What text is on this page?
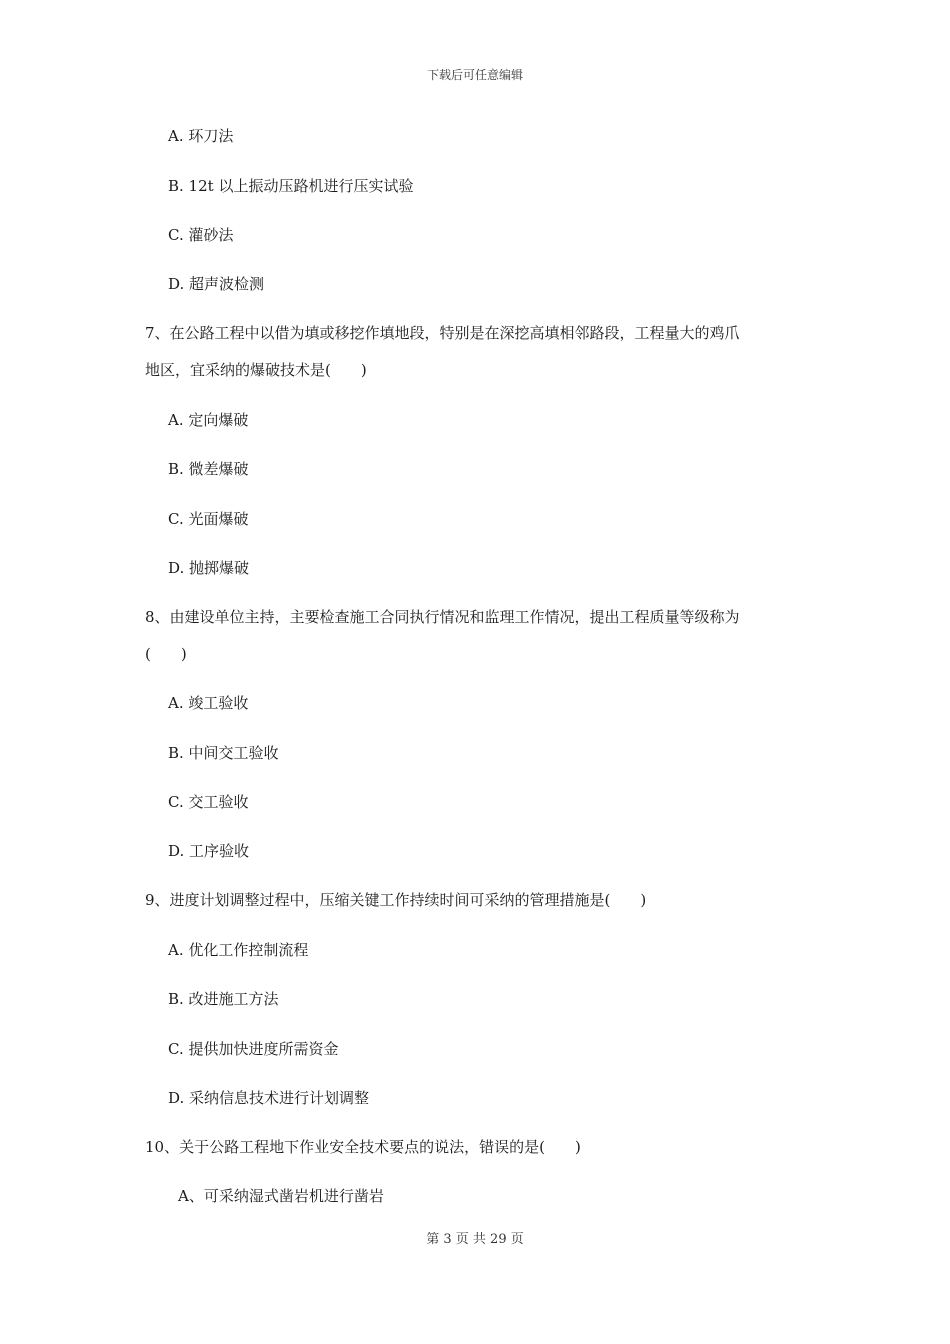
下载后可任意编辑
A. 环刀法
B. 12t 以上振动压路机进行压实试验
C. 灌砂法
D. 超声波检测
7、在公路工程中以借为填或移挖作填地段，特别是在深挖高填相邻路段，工程量大的鸡爪
地区，宜采纳的爆破技术是(　　)
A. 定向爆破
B. 微差爆破
C. 光面爆破
D. 抛掷爆破
8、由建设单位主持，主要检查施工合同执行情况和监理工作情况，提出工程质量等级称为
(　　)
A. 竣工验收
B. 中间交工验收
C. 交工验收
D. 工序验收
9、进度计划调整过程中，压缩关键工作持续时间可采纳的管理措施是(　　)
A. 优化工作控制流程
B. 改进施工方法
C. 提供加快进度所需资金
D. 采纳信息技术进行计划调整
10、关于公路工程地下作业安全技术要点的说法，错误的是(　　)
A、可采纳湿式凿岩机进行凿岩
第 3 页 共 29 页
